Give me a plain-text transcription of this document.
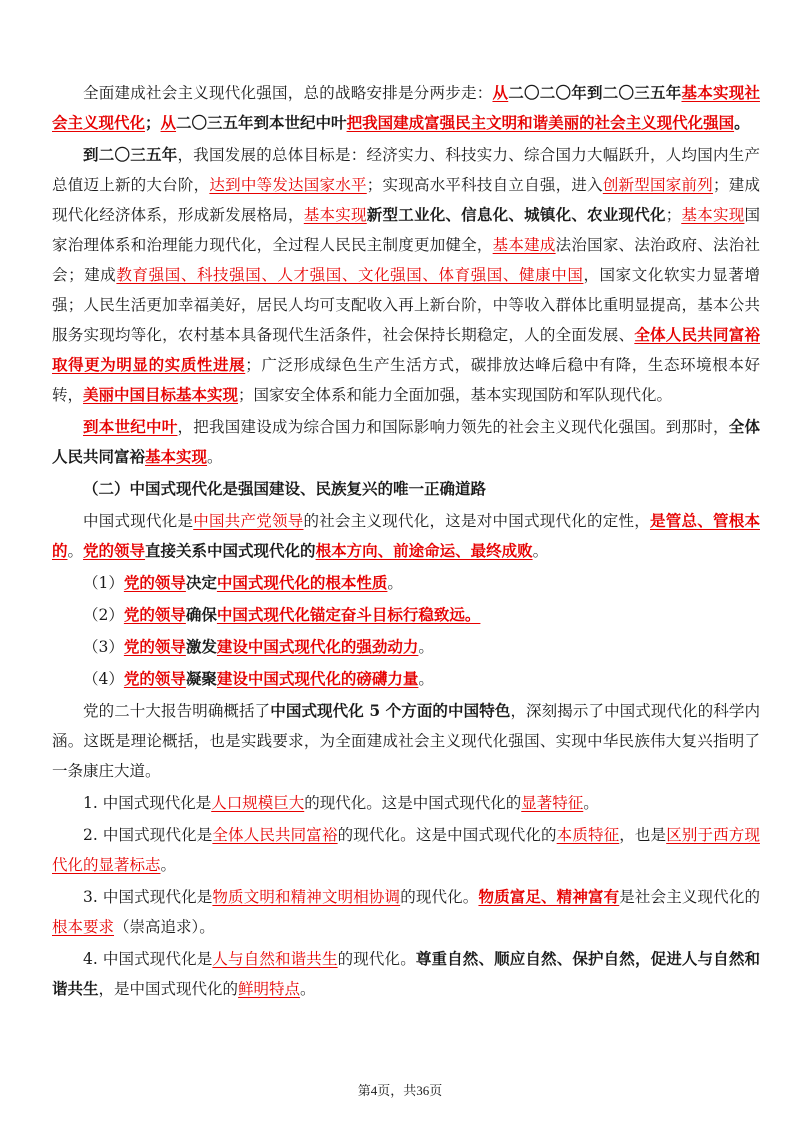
全面建成社会主义现代化强国，总的战略安排是分两步走：从二〇二〇年到二〇三五年基本实现社会主义现代化；从二〇三五年到本世纪中叶把我国建成富强民主文明和谐美丽的社会主义现代化强国。

到二〇三五年，我国发展的总体目标是：经济实力、科技实力、综合国力大幅跃升，人均国内生产总值迈上新的大台阶，达到中等发达国家水平；实现高水平科技自立自强，进入创新型国家前列；建成现代化经济体系，形成新发展格局，基本实现新型工业化、信息化、城镇化、农业现代化；基本实现国家治理体系和治理能力现代化，全过程人民民主制度更加健全，基本建成法治国家、法治政府、法治社会；建成教育强国、科技强国、人才强国、文化强国、体育强国、健康中国，国家文化软实力显著增强；人民生活更加幸福美好，居民人均可支配收入再上新台阶，中等收入群体比重明显提高，基本公共服务实现均等化，农村基本具备现代生活条件，社会保持长期稳定，人的全面发展、全体人民共同富裕取得更为明显的实质性进展；广泛形成绿色生产生活方式，碳排放达峰后稳中有降，生态环境根本好转，美丽中国目标基本实现；国家安全体系和能力全面加强，基本实现国防和军队现代化。

到本世纪中叶，把我国建设成为综合国力和国际影响力领先的社会主义现代化强国。到那时，全体人民共同富裕基本实现。

（二）中国式现代化是强国建设、民族复兴的唯一正确道路

中国式现代化是中国共产党领导的社会主义现代化，这是对中国式现代化的定性，是管总、管根本的。党的领导直接关系中国式现代化的根本方向、前途命运、最终成败。

（1）党的领导决定中国式现代化的根本性质。

（2）党的领导确保中国式现代化锚定奋斗目标行稳致远。

（3）党的领导激发建设中国式现代化的强劲动力。

（4）党的领导凝聚建设中国式现代化的磅礴力量。

党的二十大报告明确概括了中国式现代化 5 个方面的中国特色，深刻揭示了中国式现代化的科学内涵。这既是理论概括，也是实践要求，为全面建成社会主义现代化强国、实现中华民族伟大复兴指明了一条康庄大道。

1. 中国式现代化是人口规模巨大的现代化。这是中国式现代化的显著特征。

2. 中国式现代化是全体人民共同富裕的现代化。这是中国式现代化的本质特征，也是区别于西方现代化的显著标志。

3. 中国式现代化是物质文明和精神文明相协调的现代化。物质富足、精神富有是社会主义现代化的根本要求（崇高追求）。

4. 中国式现代化是人与自然和谐共生的现代化。尊重自然、顺应自然、保护自然，促进人与自然和谐共生，是中国式现代化的鲜明特点。

第4页，共36页
